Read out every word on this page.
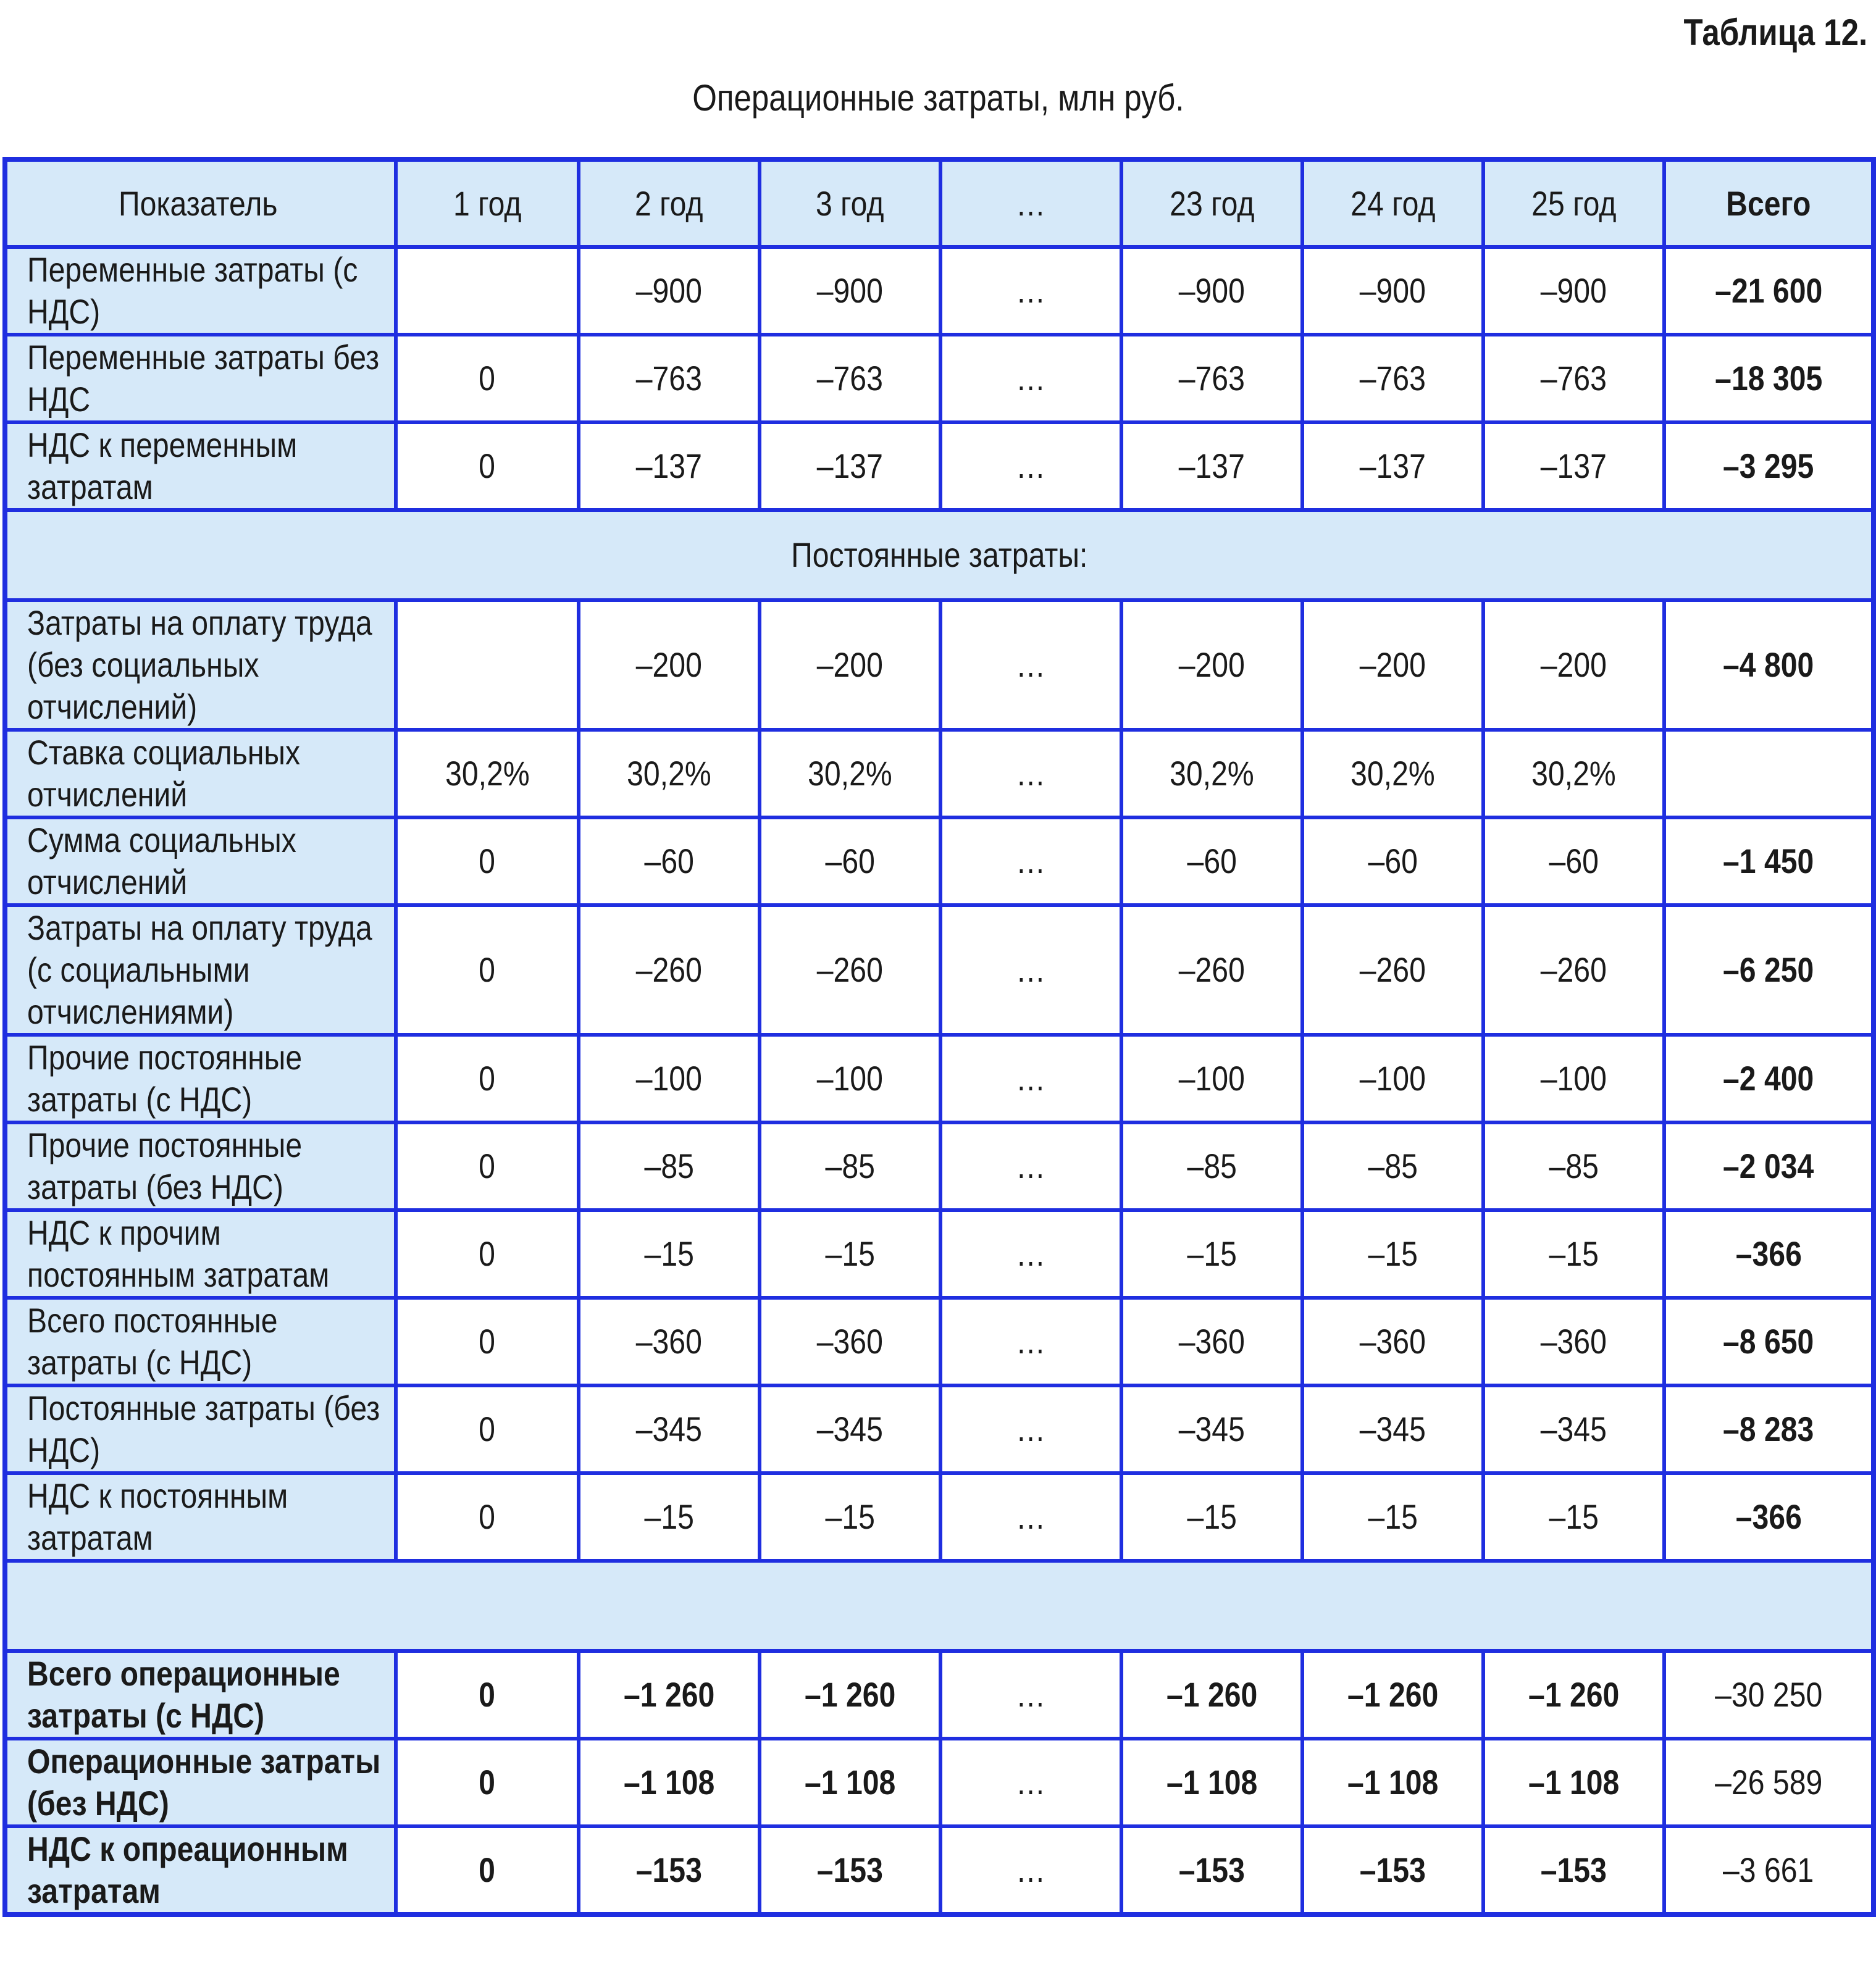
Таблица 12.
Операционные затраты, млн руб.
Показатель	1 год	2 год	3 год	…	23 год	24 год	25 год	Всего
Переменные затраты (с НДС)		–900	–900	…	–900	–900	–900	–21 600
Переменные затраты без НДС	0	–763	–763	…	–763	–763	–763	–18 305
НДС к переменным затратам	0	–137	–137	…	–137	–137	–137	–3 295
Постоянные затраты:								
Затраты на оплату труда (без социальных отчислений)		–200	–200	…	–200	–200	–200	–4 800
Ставка социальных отчислений	30,2%	30,2%	30,2%	…	30,2%	30,2%	30,2%	
Сумма социальных отчислений	0	–60	–60	…	–60	–60	–60	–1 450
Затраты на оплату труда (с социальными отчислениями)	0	–260	–260	…	–260	–260	–260	–6 250
Прочие постоянные затраты (с НДС)	0	–100	–100	…	–100	–100	–100	–2 400
Прочие постоянные затраты (без НДС)	0	–85	–85	…	–85	–85	–85	–2 034
НДС к прочим постоянным затратам	0	–15	–15	…	–15	–15	–15	–366
Всего постоянные затраты (с НДС)	0	–360	–360	…	–360	–360	–360	–8 650
Постоянные затраты (без НДС)	0	–345	–345	…	–345	–345	–345	–8 283
НДС к постоянным затратам	0	–15	–15	…	–15	–15	–15	–366

Всего операционные затраты (с НДС)	0	–1 260	–1 260	…	–1 260	–1 260	–1 260	–30 250
Операционные затраты (без НДС)	0	–1 108	–1 108	…	–1 108	–1 108	–1 108	–26 589
НДС к опреационным затратам	0	–153	–153	…	–153	–153	–153	–3 661
